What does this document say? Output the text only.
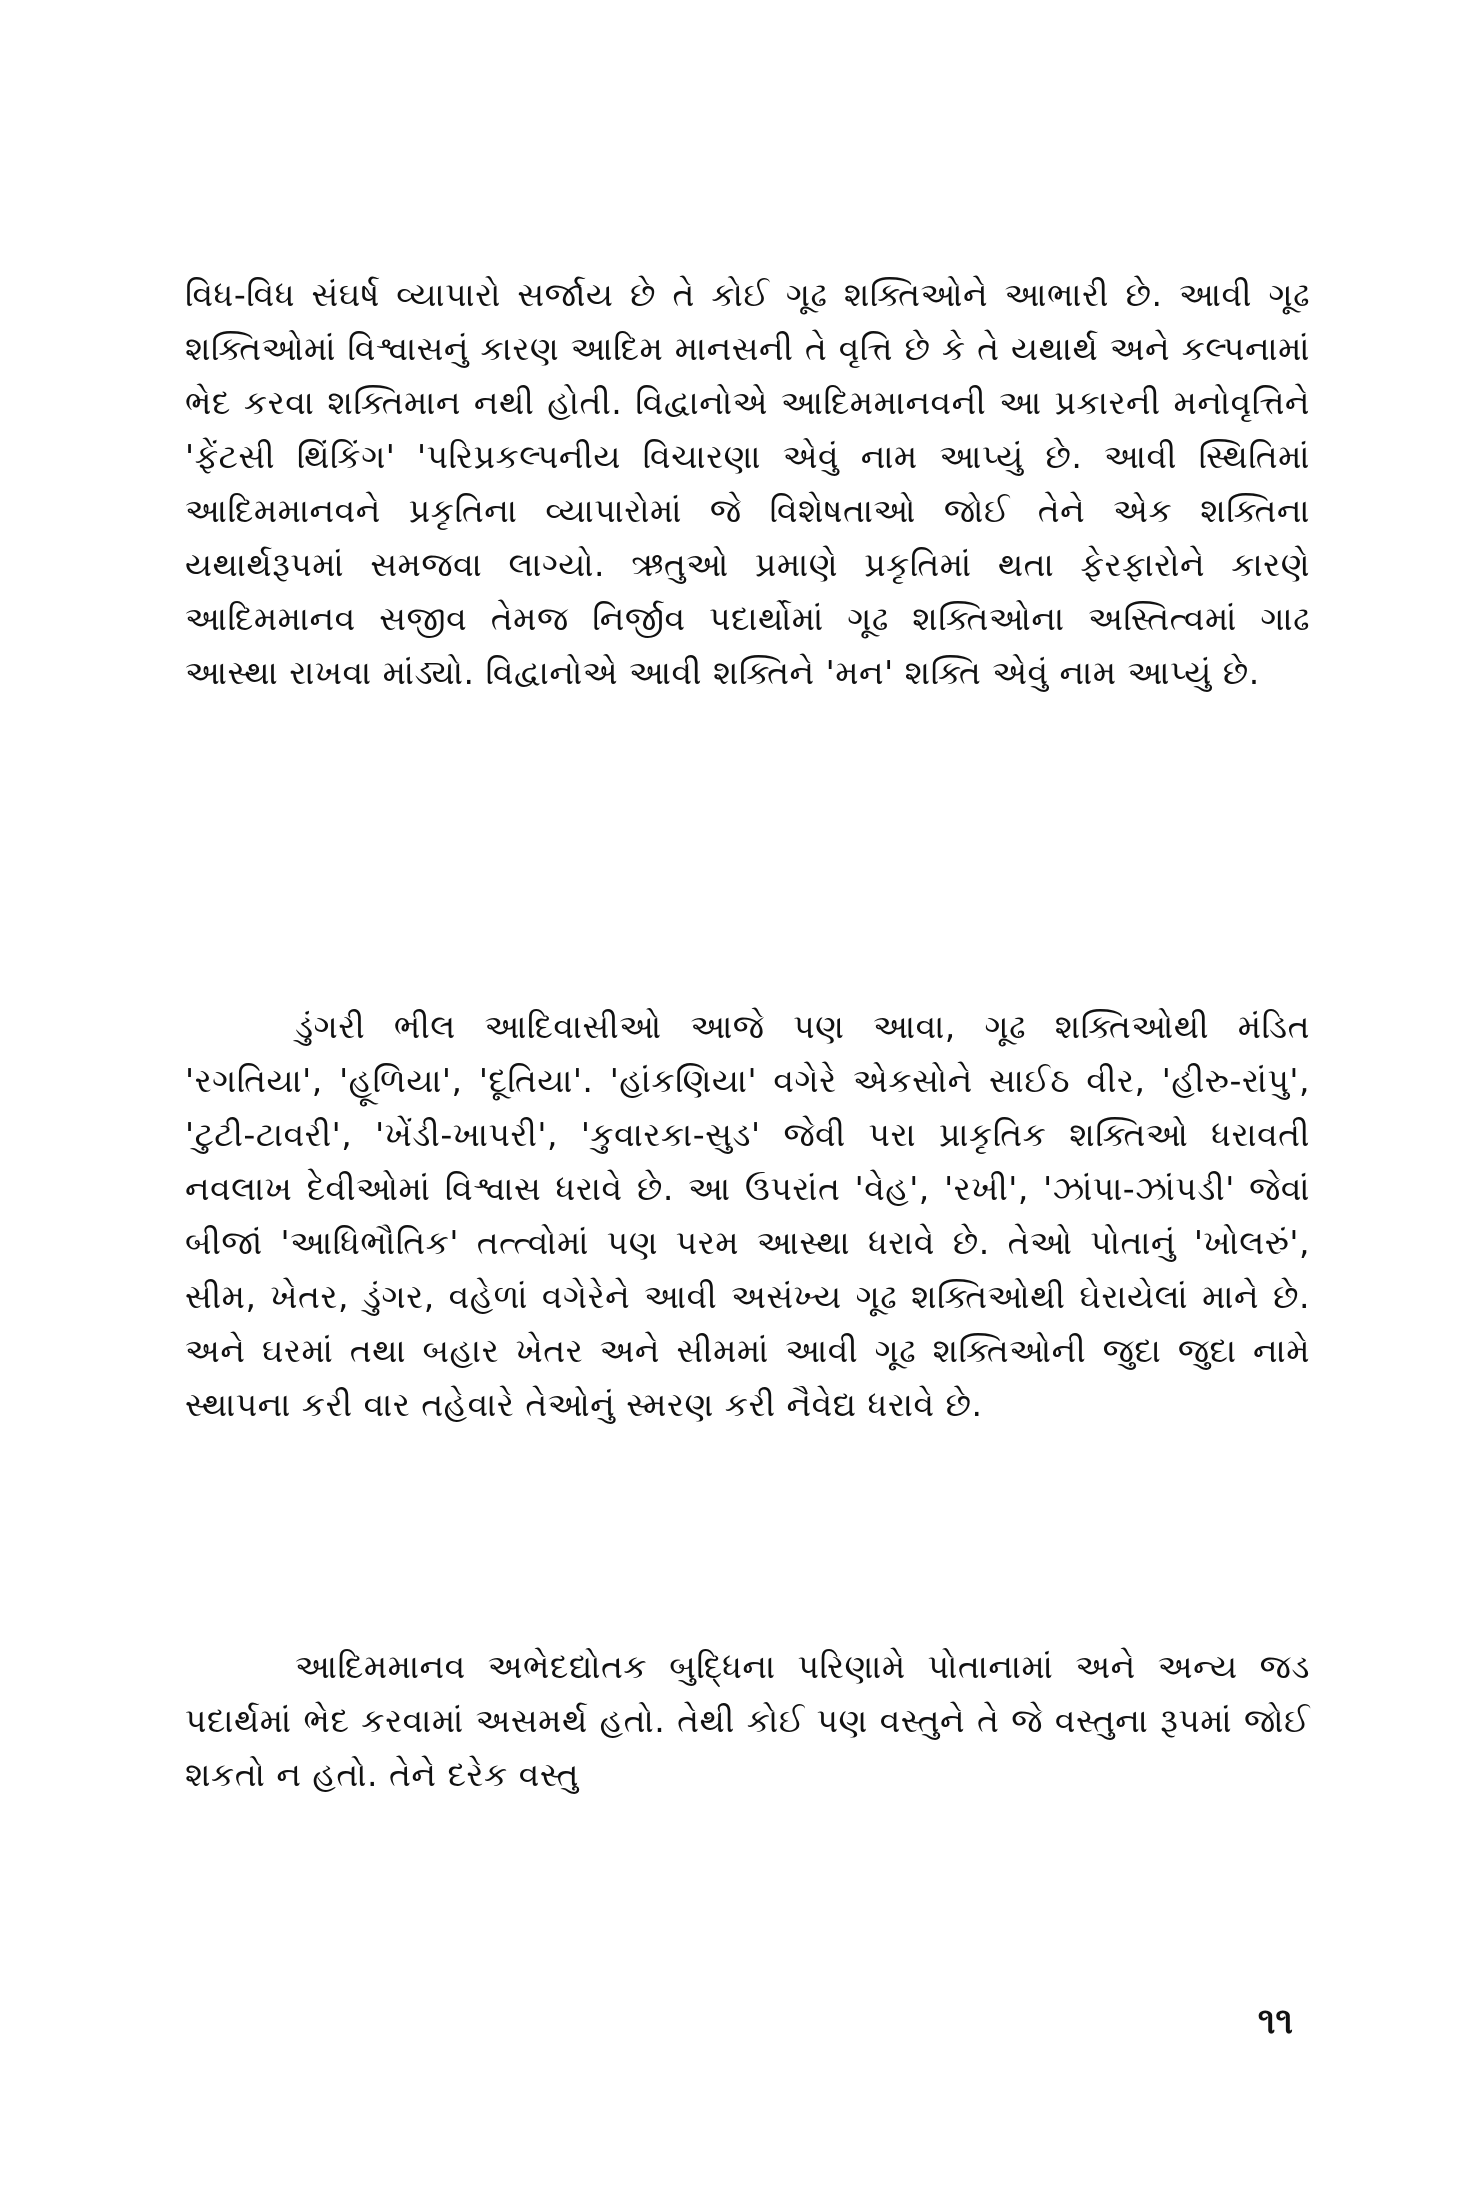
વિધ-વિધ સંઘર્ષ વ્યાપારો સર્જાય છે તે કોઈ ગૂઢ શક્તિઓને આભારી છે. આવી ગૂઢ શક્તિઓમાં વિશ્વાસનું કારણ આદિમ માનસની તે વૃત્તિ છે કે તે યથાર્થ અને કલ્પનામાં ભેદ કરવા શક્તિમાન નથી હોતી. વિદ્વાનોએ આદિમમાનવની આ પ્રકારની મનોવૃત્તિને 'ફેંટસી થિંકિંગ' 'પરિપ્રકલ્પનીય વિચારણા એવું નામ આપ્યું છે. આવી સ્થિતિમાં આદિમમાનવને પ્રકૃતિના વ્યાપારોમાં જે વિશેષતાઓ જોઈ તેને એક શક્તિના યથાર્થરૂપમાં સમજવા લાગ્યો. ઋતુઓ પ્રમાણે પ્રકૃતિમાં થતા ફેરફારોને કારણે આદિમમાનવ સજીવ તેમજ નિર્જીવ પદાર્થોમાં ગૂઢ શક્તિઓના અસ્તિત્વમાં ગાઢ આસ્થા રાખવા માંડ્યો. વિદ્વાનોએ આવી શક્તિને 'મન' શક્તિ એવું નામ આપ્યું છે.

ડુંગરી ભીલ આદિવાસીઓ આજે પણ આવા, ગૂઢ શક્તિઓથી મંડિત 'રગતિયા', 'હૂળિયા', 'દૂતિયા'. 'હાંકણિયા' વગેરે એકસોને સાઈઠ વીર, 'હીરુ-રાંપુ', 'ટુટી-ટાવરી', 'ખેંડી-ખાપરી', 'કુવારકા-સુડ' જેવી પરા પ્રાકૃતિક શક્તિઓ ધરાવતી નવલાખ દેવીઓમાં વિશ્વાસ ધરાવે છે. આ ઉપરાંત 'વેહ', 'રખી', 'ઝાંપા-ઝાંપડી' જેવાં બીજાં 'આધિભૌતિક' તત્ત્વોમાં પણ પરમ આસ્થા ધરાવે છે. તેઓ પોતાનું 'ખોલરું', સીમ, ખેતર, ડુંગર, વહેળાં વગેરેને આવી અસંખ્ય ગૂઢ શક્તિઓથી ઘેરાયેલાં માને છે. અને ઘરમાં તથા બહાર ખેતર અને સીમમાં આવી ગૂઢ શક્તિઓની જુદા જુદા નામે સ્થાપના કરી વાર તહેવારે તેઓનું સ્મરણ કરી નૈવેદ્ય ધરાવે છે.

આદિમમાનવ અભેદદ્યોતક બુદ્ધિના પરિણામે પોતાનામાં અને અન્ય જડ પદાર્થમાં ભેદ કરવામાં અસમર્થ હતો. તેથી કોઈ પણ વસ્તુને તે જે વસ્તુના રૂપમાં જોઈ શકતો ન હતો. તેને દરેક વસ્તુ

૧૧
